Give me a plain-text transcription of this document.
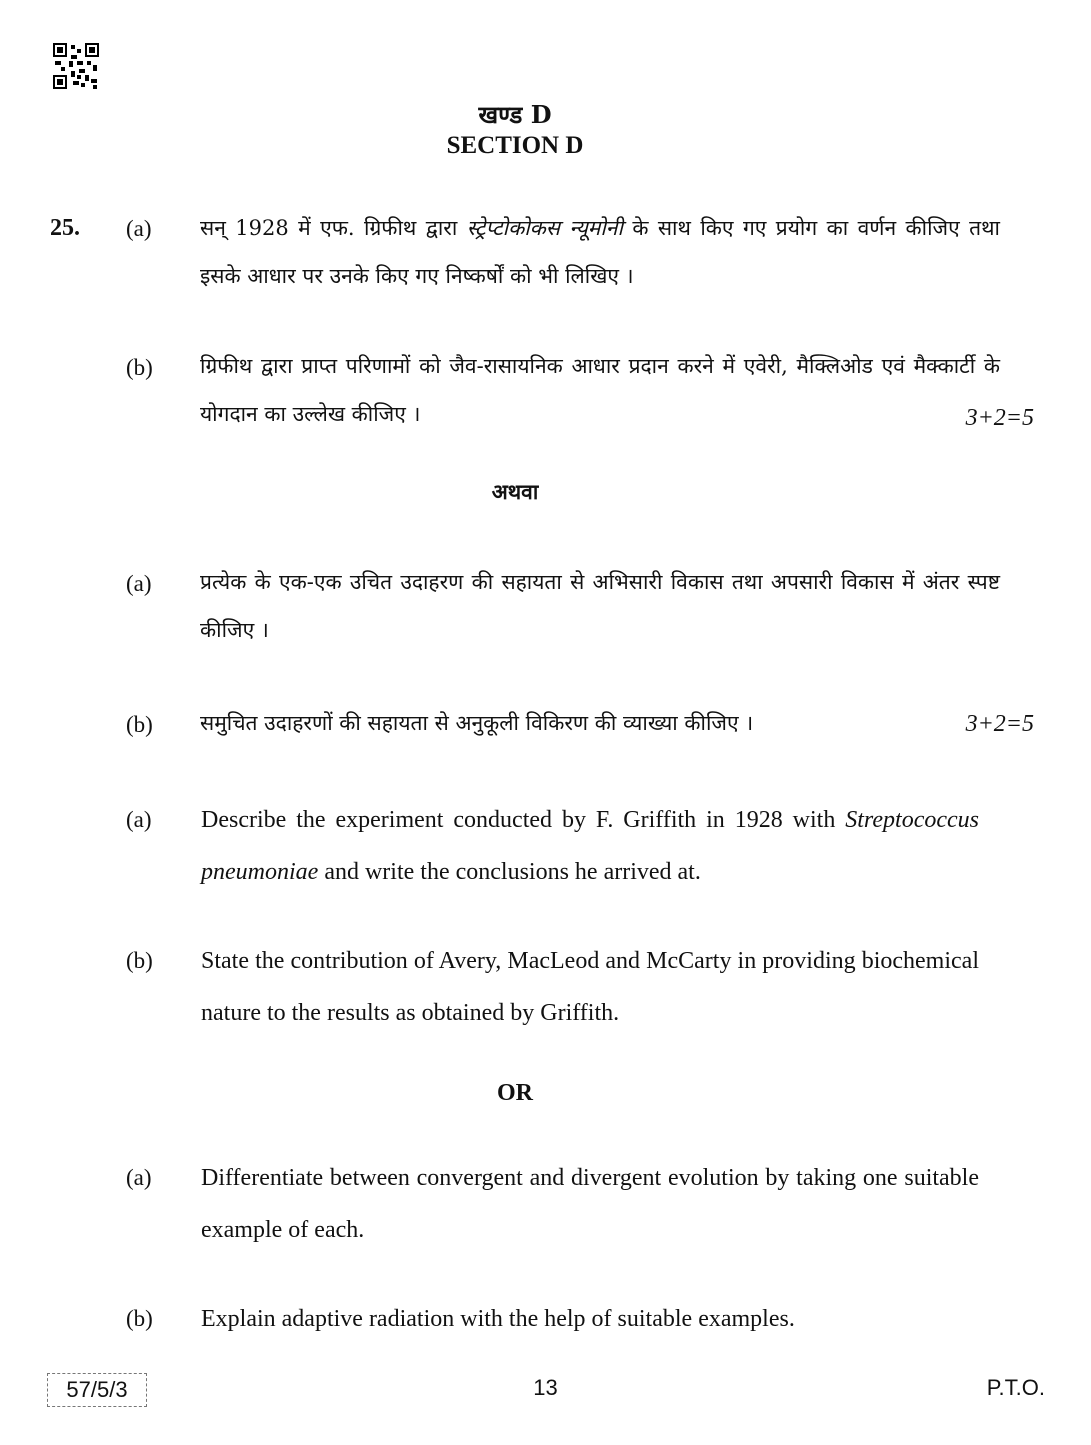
खण्ड D
SECTION D
25. (a) सन् 1928 में एफ. ग्रिफीथ द्वारा स्ट्रेप्टोकोकस न्यूमोनी के साथ किए गए प्रयोग का वर्णन कीजिए तथा इसके आधार पर उनके किए गए निष्कर्षों को भी लिखिए ।
(b) ग्रिफीथ द्वारा प्राप्त परिणामों को जैव-रासायनिक आधार प्रदान करने में एवेरी, मैक्लिओड एवं मैक्कार्टी के योगदान का उल्लेख कीजिए ।	3+2=5
अथवा
(a) प्रत्येक के एक-एक उचित उदाहरण की सहायता से अभिसारी विकास तथा अपसारी विकास में अंतर स्पष्ट कीजिए ।
(b) समुचित उदाहरणों की सहायता से अनुकूली विकिरण की व्याख्या कीजिए ।	3+2=5
(a) Describe the experiment conducted by F. Griffith in 1928 with Streptococcus pneumoniae and write the conclusions he arrived at.
(b) State the contribution of Avery, MacLeod and McCarty in providing biochemical nature to the results as obtained by Griffith.
OR
(a) Differentiate between convergent and divergent evolution by taking one suitable example of each.
(b) Explain adaptive radiation with the help of suitable examples.
57/5/3	13	P.T.O.
